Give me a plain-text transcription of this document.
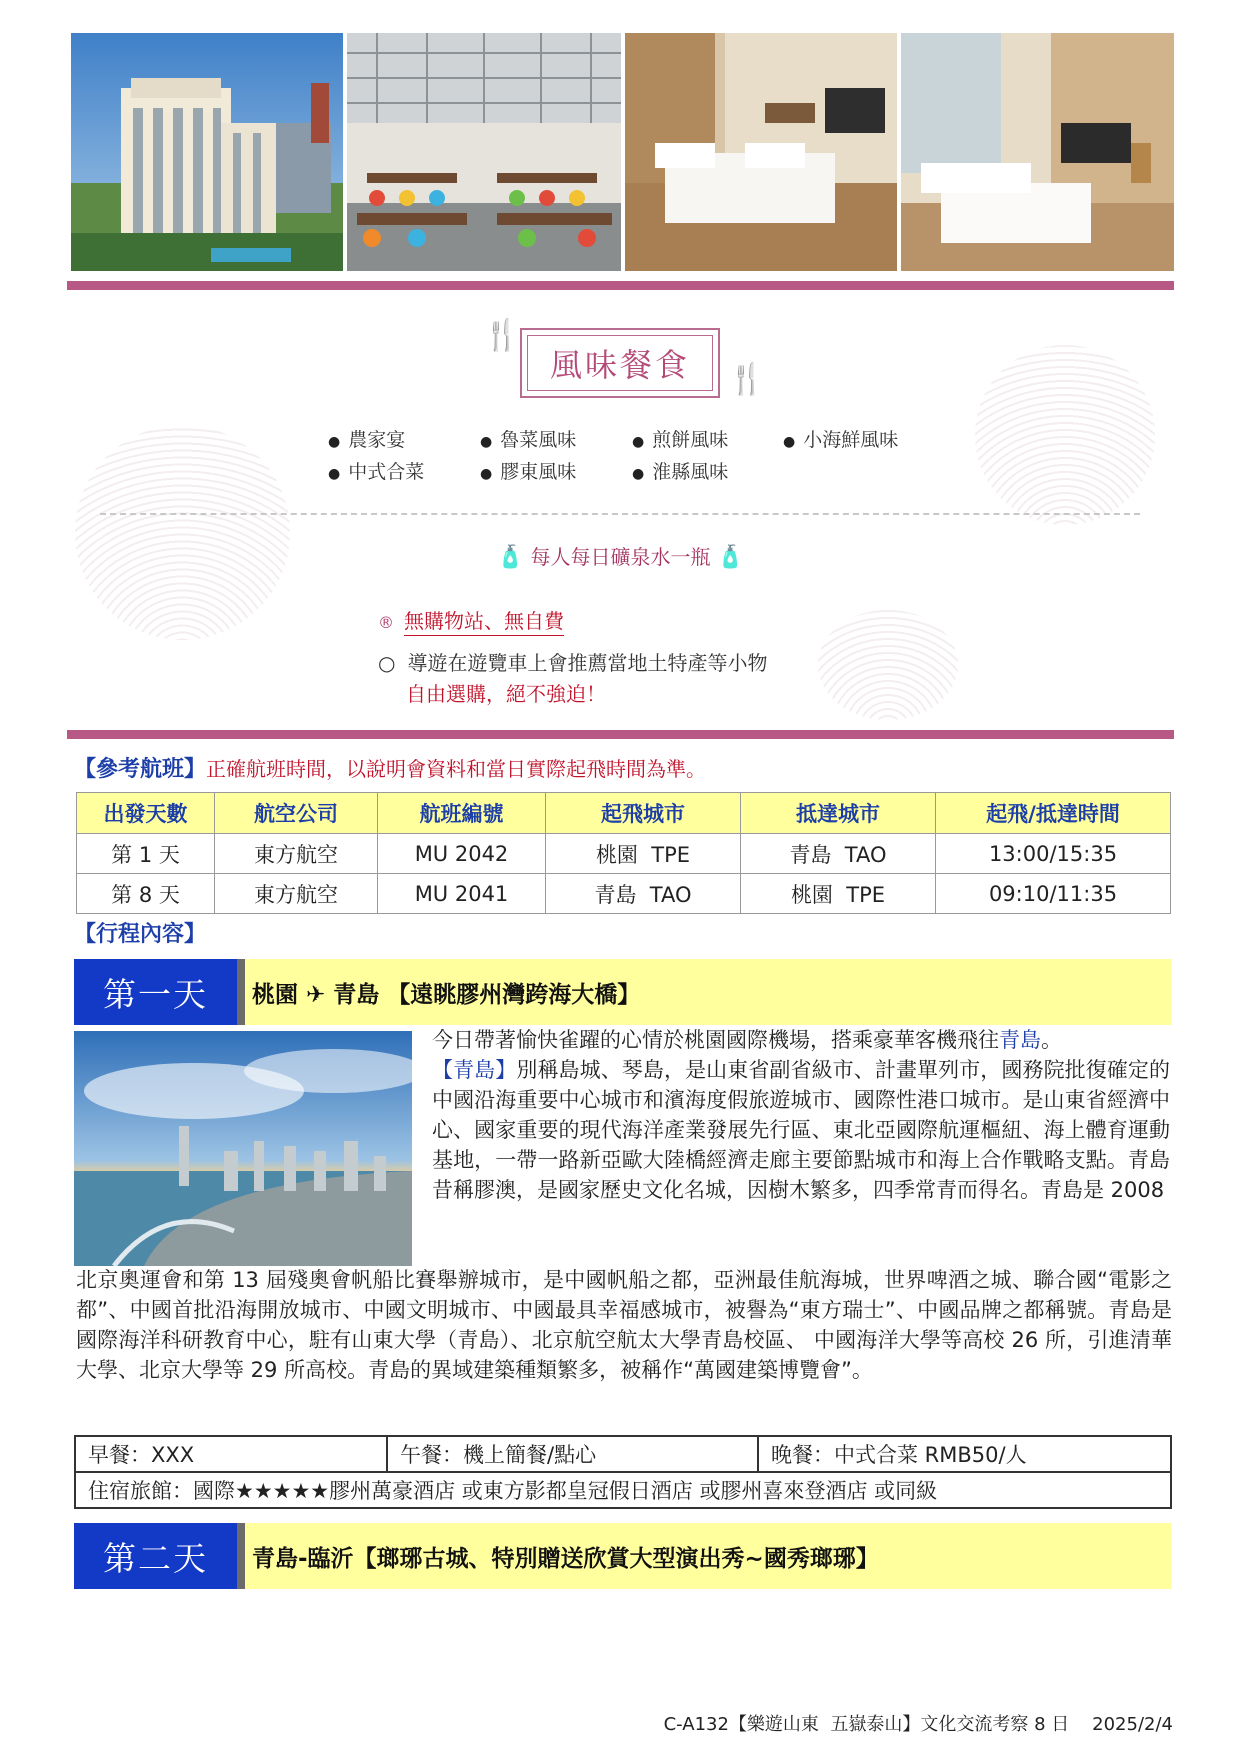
🍴
風味餐食 🍴
● 農家宴	● 魯菜風味	● 煎餅風味	● 小海鮮風味
● 中式合菜	● 膠東風味	● 淮縣風味
🧴 每人每日礦泉水一瓶 🧴
® 無購物站、無自費
○ 導遊在遊覽車上會推薦當地土特產等小物
自由選購，絕不強迫！
【參考航班】正確航班時間，以說明會資料和當日實際起飛時間為準。
出發天數	航空公司	航班編號	起飛城市	抵達城市	起飛/抵達時間
第 1 天	東方航空	MU 2042	桃園  TPE	青島  TAO	13:00/15:35
第 8 天	東方航空	MU 2041	青島  TAO	桃園  TPE	09:10/11:35
【行程內容】
第一天	桃園 ✈ 青島 【遠眺膠州灣跨海大橋】
今日帶著愉快雀躍的心情於桃園國際機場，搭乘豪華客機飛往青島。
【青島】別稱島城、琴島，是山東省副省級市、計畫單列市，國務院批復確定的中國沿海重要中心城市和濱海度假旅遊城市、國際性港口城市。是山東省經濟中心、國家重要的現代海洋產業發展先行區、東北亞國際航運樞紐、海上體育運動基地，一帶一路新亞歐大陸橋經濟走廊主要節點城市和海上合作戰略支點。青島昔稱膠澳，是國家歷史文化名城，因樹木繁多，四季常青而得名。青島是 2008
北京奧運會和第 13 屆殘奧會帆船比賽舉辦城市，是中國帆船之都，亞洲最佳航海城，世界啤酒之城、聯合國“電影之都”、中國首批沿海開放城市、中國文明城市、中國最具幸福感城市，被譽為“東方瑞士”、中國品牌之都稱號。青島是國際海洋科研教育中心，駐有山東大學（青島）、北京航空航太大學青島校區、 中國海洋大學等高校 26 所，引進清華大學、北京大學等 29 所高校。青島的異域建築種類繁多，被稱作“萬國建築博覽會”。
早餐：XXX	午餐：機上簡餐/點心	晚餐：中式合菜 RMB50/人
住宿旅館：國際★★★★★膠州萬豪酒店 或東方影都皇冠假日酒店 或膠州喜來登酒店 或同級
第二天	青島-臨沂【瑯琊古城、特別贈送欣賞大型演出秀~國秀瑯琊】
C-A132【樂遊山東  五嶽泰山】文化交流考察 8 日    2025/2/4
